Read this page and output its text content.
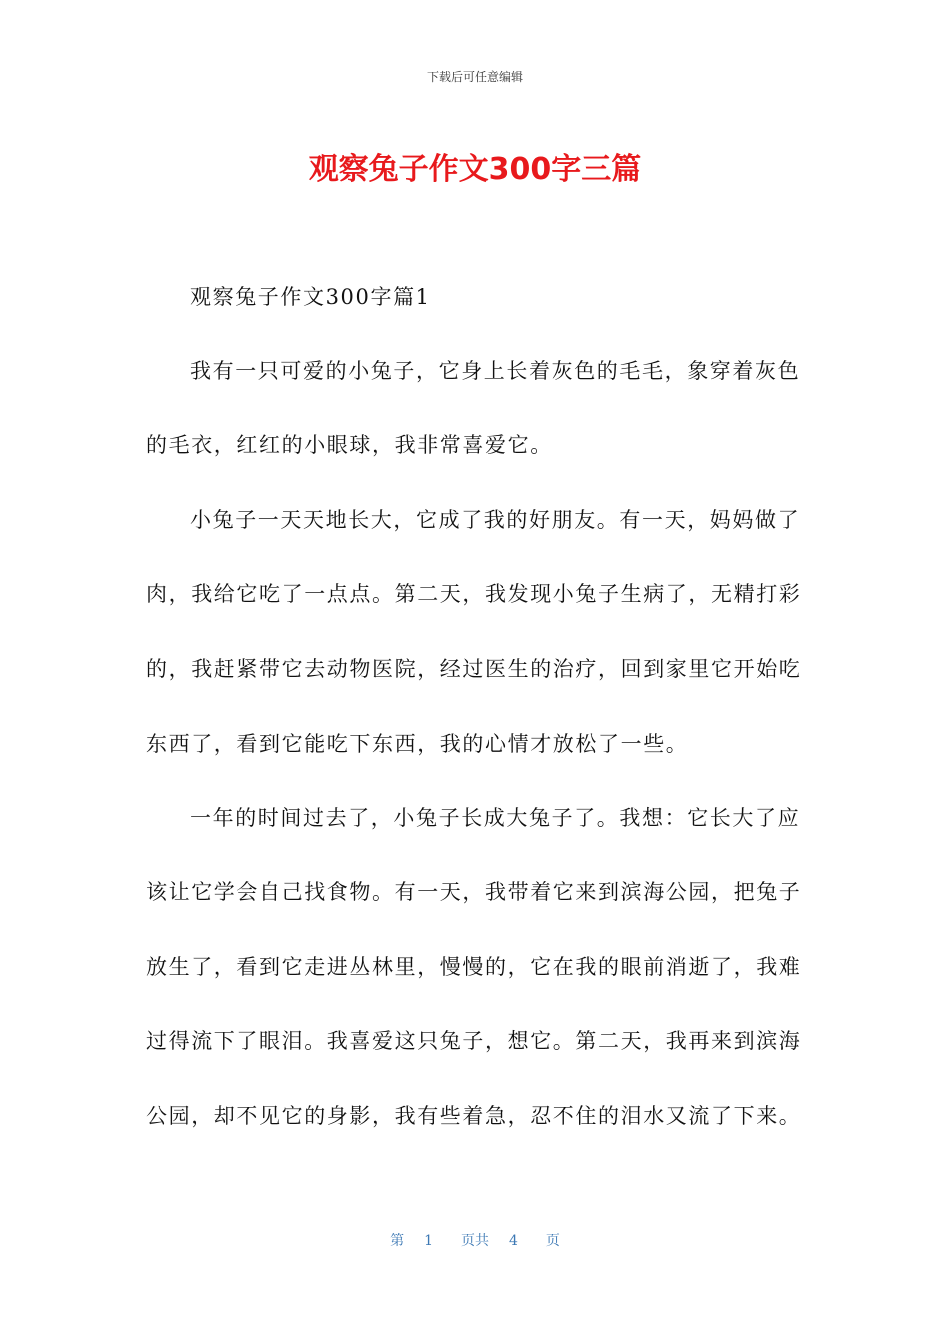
下载后可任意编辑
观察兔子作文300字三篇
观察兔子作文300字篇1
我有一只可爱的小兔子，它身上长着灰色的毛毛，象穿着灰色
的毛衣，红红的小眼球，我非常喜爱它。
小兔子一天天地长大，它成了我的好朋友。有一天，妈妈做了
肉，我给它吃了一点点。第二天，我发现小兔子生病了，无精打彩
的，我赶紧带它去动物医院，经过医生的治疗，回到家里它开始吃
东西了，看到它能吃下东西，我的心情才放松了一些。
一年的时间过去了，小兔子长成大兔子了。我想：它长大了应
该让它学会自己找食物。有一天，我带着它来到滨海公园，把兔子
放生了，看到它走进丛林里，慢慢的，它在我的眼前消逝了，我难
过得流下了眼泪。我喜爱这只兔子，想它。第二天，我再来到滨海
公园，却不见它的身影，我有些着急，忍不住的泪水又流了下来。
第 1 页共 4 页
